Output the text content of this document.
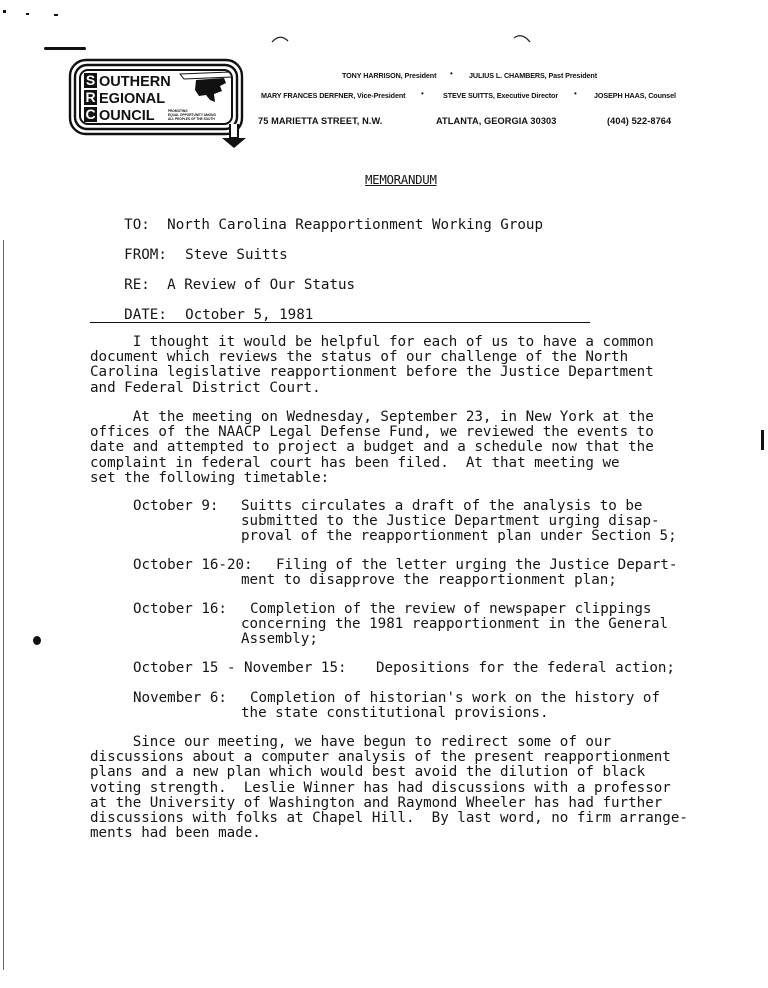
S
R
C
OUTHERN
EGIONAL
OUNCIL	PROMOTING
EQUAL OPPORTUNITY AMONG
ALL PEOPLES OF THE SOUTH
TONY HARRISON, President • JULIUS L. CHAMBERS, Past President
MARY FRANCES DERFNER, Vice-President •	STEVE SUITTS, Executive Director • JOSEPH HAAS, Counsel
75 MARIETTA STREET, N.W.	ATLANTA, GEORGIA 30303	(404) 522-8764
MEMORANDUM

TO: North Carolina Reapportionment Working Group

FROM: Steve Suitts

RE: A Review of Our Status

DATE: October 5, 1981

I thought it would be helpful for each of us to have a common
document which reviews the status of our challenge of the North
Carolina legislative reapportionment before the Justice Department
and Federal District Court.
At the meeting on Wednesday, September 23, in New York at the
offices of the NAACP Legal Defense Fund, we reviewed the events to
date and attempted to project a budget and a schedule now that the
complaint in federal court has been filed.  At that meeting we
set the following timetable:
October 9: Suitts circulates a draft of the analysis to be
submitted to the Justice Department urging disap-
proval of the reapportionment plan under Section 5;
October 16-20:	Filing of the letter urging the Justice Depart-
ment to disapprove the reapportionment plan;
October 16:	Completion of the review of newspaper clippings
concerning the 1981 reapportionment in the General
Assembly;
October 15 - November 15: Depositions for the federal action;
November 6:	Completion of historian's work on the history of
the state constitutional provisions.
Since our meeting, we have begun to redirect some of our
discussions about a computer analysis of the present reapportionment
plans and a new plan which would best avoid the dilution of black
voting strength.  Leslie Winner has had discussions with a professor
at the University of Washington and Raymond Wheeler has had further
discussions with folks at Chapel Hill.  By last word, no firm arrange-
ments had been made.
